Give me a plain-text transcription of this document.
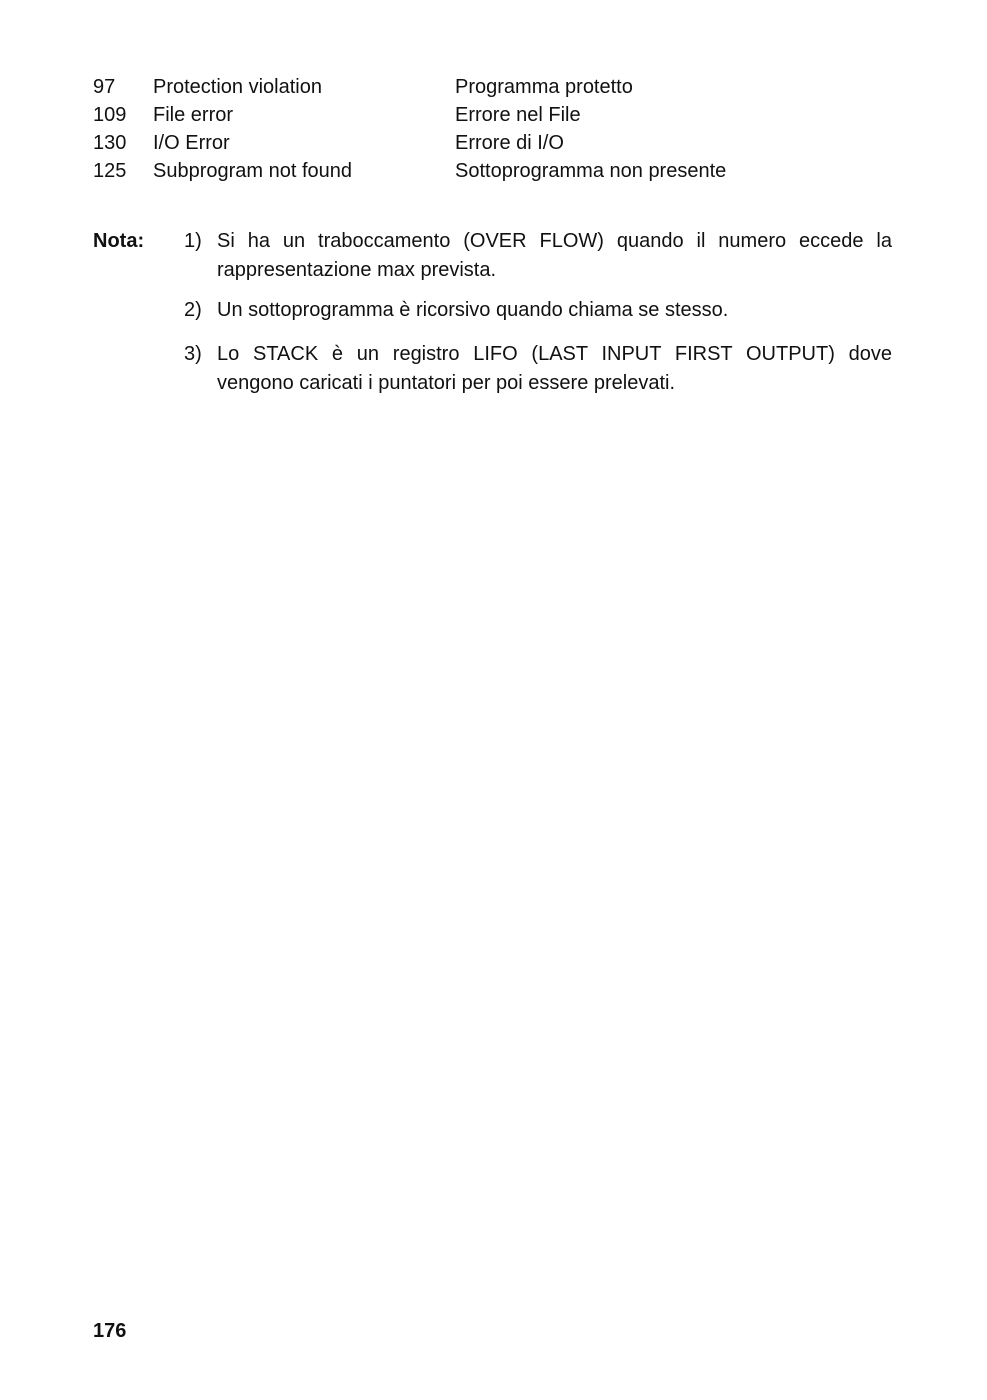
97 Protection violation	Programma protetto
109 File error	Errore nel File
130 I/O Error	Errore di I/O
125 Subprogram not found	Sottoprogramma non presente
Nota: 1) Si ha un traboccamento (OVER FLOW) quando il numero eccede la rappresentazione max prevista.
2) Un sottoprogramma è ricorsivo quando chiama se stesso.
3) Lo STACK è un registro LIFO (LAST INPUT FIRST OUTPUT) dove vengono caricati i puntatori per poi essere prelevati.
176
